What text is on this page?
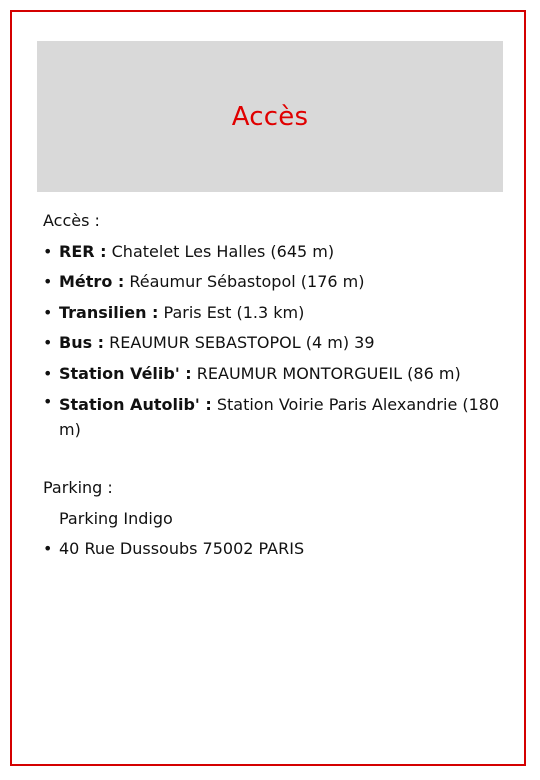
Accès
Accès :
• RER : Chatelet Les Halles (645 m)
• Métro : Réaumur Sébastopol (176 m)
• Transilien : Paris Est (1.3 km)
• Bus : REAUMUR SEBASTOPOL (4 m) 39
• Station Vélib' : REAUMUR MONTORGUEIL (86 m)
• Station Autolib' : Station Voirie Paris Alexandrie (180 m)
Parking :
Parking Indigo
• 40 Rue Dussoubs 75002 PARIS
